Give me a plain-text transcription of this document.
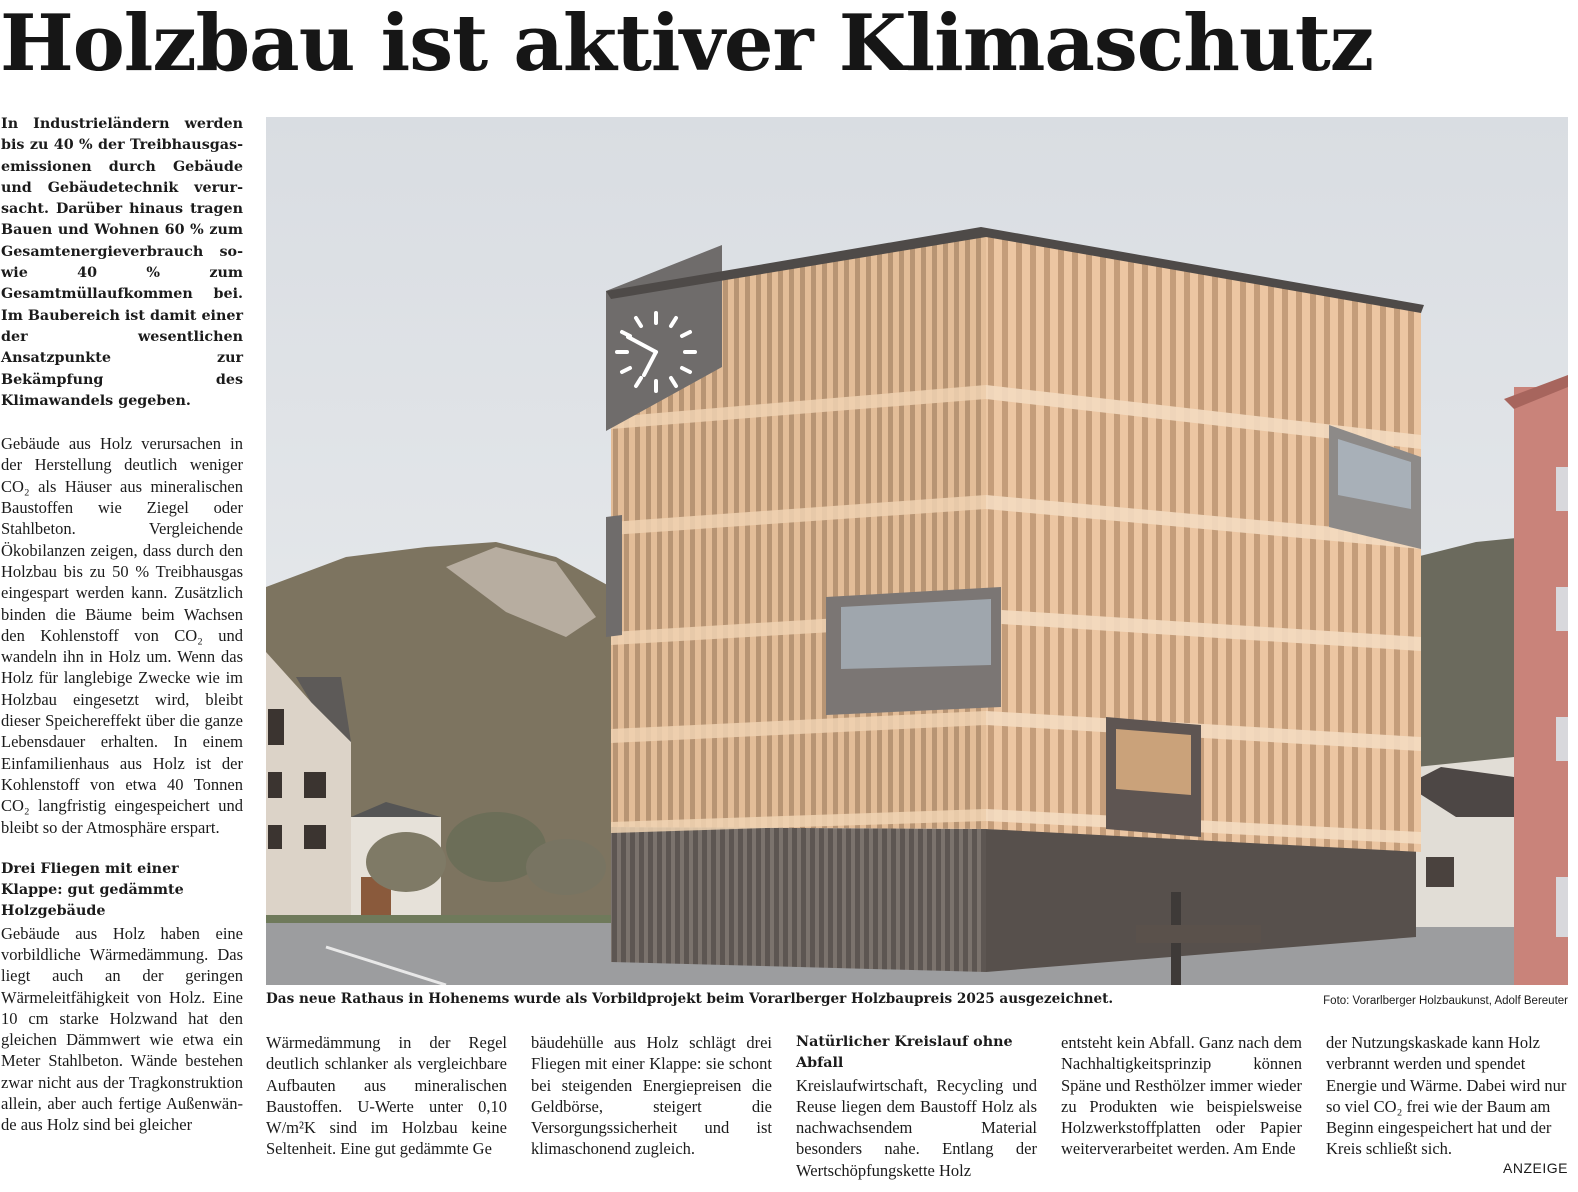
Holzbau ist aktiver Klimaschutz

In Industrieländern werden bis zu 40 % der Treibhausgasemissionen durch Gebäude und Gebäudetechnik verursacht. Darüber hinaus tragen Bauen und Wohnen 60 % zum Gesamtenergieverbrauch sowie 40 % zum Gesamtmüllaufkommen bei. Im Baubereich ist damit einer der wesentlichen Ansatzpunkte zur Bekämpfung des Klimawandels gegeben.

Gebäude aus Holz verursachen in der Herstellung deutlich weniger CO₂ als Häuser aus mineralischen Baustoffen wie Ziegel oder Stahlbeton. Vergleichende Ökobilanzen zeigen, dass durch den Holzbau bis zu 50 % Treibhausgas eingespart werden kann. Zusätzlich binden die Bäume beim Wachsen den Kohlenstoff von CO₂ und wandeln ihn in Holz um. Wenn das Holz für langlebige Zwecke wie im Holzbau eingesetzt wird, bleibt dieser Speichereffekt über die ganze Lebensdauer erhalten. In einem Einfamilienhaus aus Holz ist der Kohlenstoff von etwa 40 Tonnen CO₂ langfristig eingespeichert und bleibt so der Atmosphäre erspart.

Drei Fliegen mit einer Klappe: gut gedämmte Holzgebäude

Gebäude aus Holz haben eine vorbildliche Wärmedämmung. Das liegt auch an der geringen Wärmeleitfähigkeit von Holz. Eine 10 cm starke Holzwand hat den gleichen Dämmwert wie etwa ein Meter Stahlbeton. Wände bestehen zwar nicht aus der Tragkonstruktion allein, aber auch fertige Außenwände aus Holz sind bei gleicher

Das neue Rathaus in Hohenems wurde als Vorbildprojekt beim Vorarlberger Holzbaupreis 2025 ausgezeichnet.	Foto: Vorarlberger Holzbaukunst, Adolf Bereuter

Wärmedämmung in der Regel deutlich schlanker als vergleichbare Aufbauten aus mineralischen Baustoffen. U-Werte unter 0,10 W/m²K sind im Holzbau keine Seltenheit. Eine gut gedämmte Ge

bäudehülle aus Holz schlägt drei Fliegen mit einer Klappe: sie schont bei steigenden Energiepreisen die Geldbörse, steigert die Versorgungssicherheit und ist klimaschonend zugleich.

Natürlicher Kreislauf ohne Abfall

Kreislaufwirtschaft, Recycling und Reuse liegen dem Baustoff Holz als nachwachsendem Material besonders nahe. Entlang der Wertschöpfungskette Holz

entsteht kein Abfall. Ganz nach dem Nachhaltigkeitsprinzip können Späne und Resthölzer immer wieder zu Produkten wie beispielsweise Holzwerkstoffplatten oder Papier weiterverarbeitet werden. Am Ende

der Nutzungskaskade kann Holz verbrannt werden und spendet Energie und Wärme. Dabei wird nur so viel CO₂ frei wie der Baum am Beginn eingespeichert hat und der Kreis schließt sich.

ANZEIGE
